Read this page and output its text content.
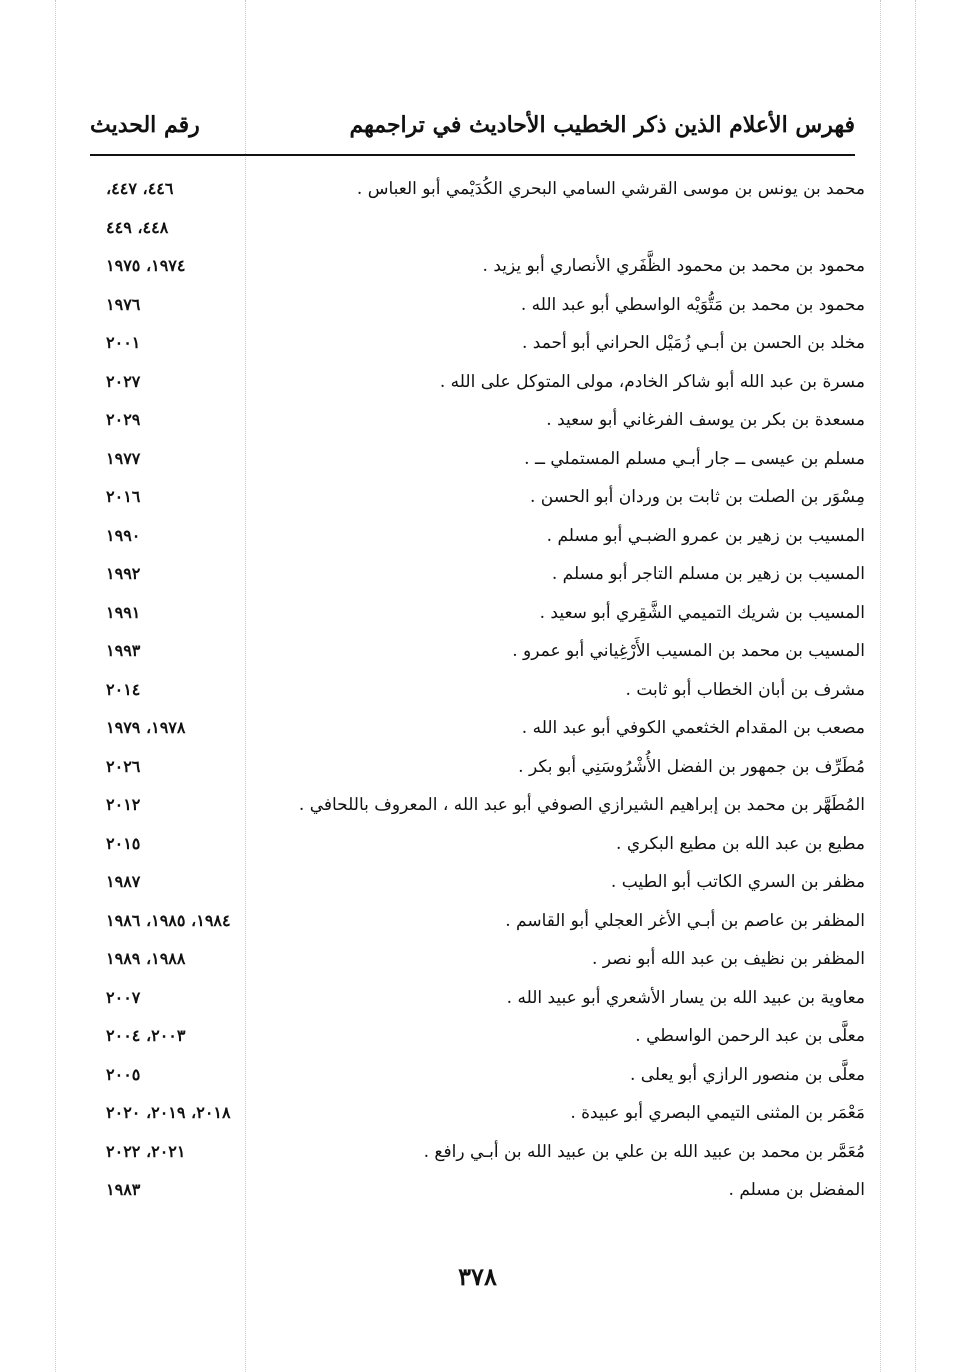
فهرس الأعلام الذين ذكر الخطيب الأحاديث في تراجمهم
رقم الحديث
محمد بن يونس بن موسى القرشي السامي البحري الكُدَيْمي أبو العباس .
٤٤٦، ٤٤٧،
٤٤٨، ٤٤٩
محمود بن محمد بن محمود الظَّفَري الأنصاري أبو يزيد .
١٩٧٤، ١٩٧٥
محمود بن محمد بن مَتُّوَيْه الواسطي أبو عبد الله .
١٩٧٦
مخلد بن الحسن بن أبـي زُمَيْل الحراني أبو أحمد .
٢٠٠١
مسرة بن عبد الله أبو شاكر الخادم، مولى المتوكل على الله .
٢٠٢٧
مسعدة بن بكر بن يوسف الفرغاني أبو سعيد .
٢٠٢٩
مسلم بن عيسى ــ جار أبـي مسلم المستملي ــ .
١٩٧٧
مِسْوَر بن الصلت بن ثابت بن وردان أبو الحسن .
٢٠١٦
المسيب بن زهير بن عمرو الضبـي أبو مسلم .
١٩٩٠
المسيب بن زهير بن مسلم التاجر أبو مسلم .
١٩٩٢
المسيب بن شريك التميمي الشَّقِري أبو سعيد .
١٩٩١
المسيب بن محمد بن المسيب الأَرْغِياني أبو عمرو .
١٩٩٣
مشرف بن أبان الخطاب أبو ثابت .
٢٠١٤
مصعب بن المقدام الخثعمي الكوفي أبو عبد الله .
١٩٧٨، ١٩٧٩
مُطَرِّف بن جمهور بن الفضل الأُشْرُوسَنِي أبو بكر .
٢٠٢٦
المُطَهَّر بن محمد بن إبراهيم الشيرازي الصوفي أبو عبد الله ، المعروف باللحافي .
٢٠١٢
مطيع بن عبد الله بن مطيع البكري .
٢٠١٥
مظفر بن السري الكاتب أبو الطيب .
١٩٨٧
المظفر بن عاصم بن أبـي الأغر العجلي أبو القاسم .
١٩٨٤، ١٩٨٥، ١٩٨٦
المظفر بن نظيف بن عبد الله أبو نصر .
١٩٨٨، ١٩٨٩
معاوية بن عبيد الله بن يسار الأشعري أبو عبيد الله .
٢٠٠٧
معلَّى بن عبد الرحمن الواسطي .
٢٠٠٣، ٢٠٠٤
معلَّى بن منصور الرازي أبو يعلى .
٢٠٠٥
مَعْمَر بن المثنى التيمي البصري أبو عبيدة .
٢٠١٨، ٢٠١٩، ٢٠٢٠
مُعَمَّر بن محمد بن عبيد الله بن علي بن عبيد الله بن أبـي رافع .
٢٠٢١، ٢٠٢٢
المفضل بن مسلم .
١٩٨٣
٣٧٨
